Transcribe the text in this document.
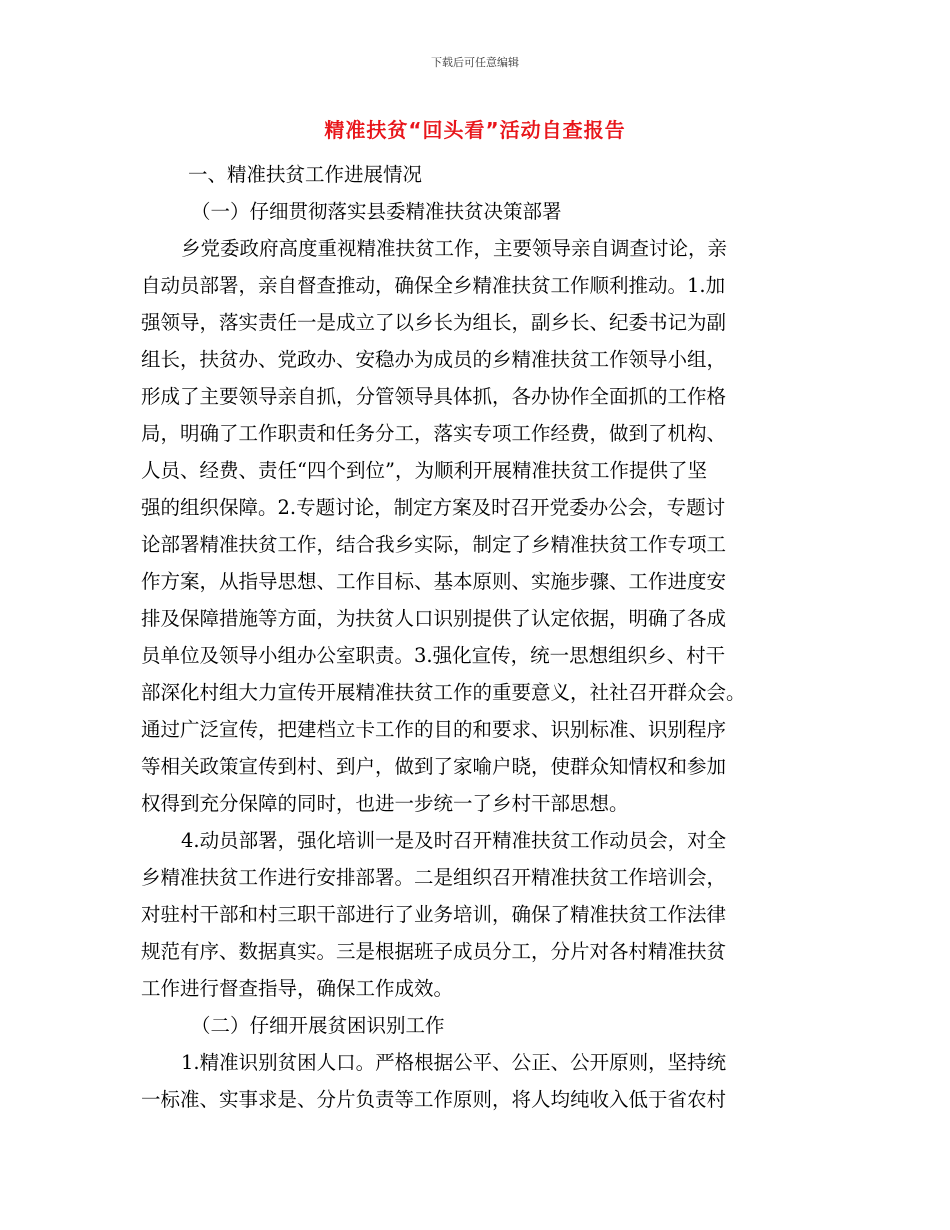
下载后可任意编辑
精准扶贫“回头看”活动自查报告

一、精准扶贫工作进展情况

（一）仔细贯彻落实县委精准扶贫决策部署

乡党委政府高度重视精准扶贫工作，主要领导亲自调查讨论，亲

自动员部署，亲自督查推动，确保全乡精准扶贫工作顺利推动。1.加

强领导，落实责任一是成立了以乡长为组长，副乡长、纪委书记为副

组长，扶贫办、党政办、安稳办为成员的乡精准扶贫工作领导小组，

形成了主要领导亲自抓，分管领导具体抓，各办协作全面抓的工作格

局，明确了工作职责和任务分工，落实专项工作经费，做到了机构、

人员、经费、责任“四个到位”，为顺利开展精准扶贫工作提供了坚

强的组织保障。2.专题讨论，制定方案及时召开党委办公会，专题讨

论部署精准扶贫工作，结合我乡实际，制定了乡精准扶贫工作专项工

作方案，从指导思想、工作目标、基本原则、实施步骤、工作进度安

排及保障措施等方面，为扶贫人口识别提供了认定依据，明确了各成

员单位及领导小组办公室职责。3.强化宣传，统一思想组织乡、村干

部深化村组大力宣传开展精准扶贫工作的重要意义，社社召开群众会。

通过广泛宣传，把建档立卡工作的目的和要求、识别标准、识别程序

等相关政策宣传到村、到户，做到了家喻户晓，使群众知情权和参加

权得到充分保障的同时，也进一步统一了乡村干部思想。

4.动员部署，强化培训一是及时召开精准扶贫工作动员会，对全

乡精准扶贫工作进行安排部署。二是组织召开精准扶贫工作培训会，

对驻村干部和村三职干部进行了业务培训，确保了精准扶贫工作法律

规范有序、数据真实。三是根据班子成员分工，分片对各村精准扶贫

工作进行督查指导，确保工作成效。

（二）仔细开展贫困识别工作

1.精准识别贫困人口。严格根据公平、公正、公开原则，坚持统

一标准、实事求是、分片负责等工作原则，将人均纯收入低于省农村
